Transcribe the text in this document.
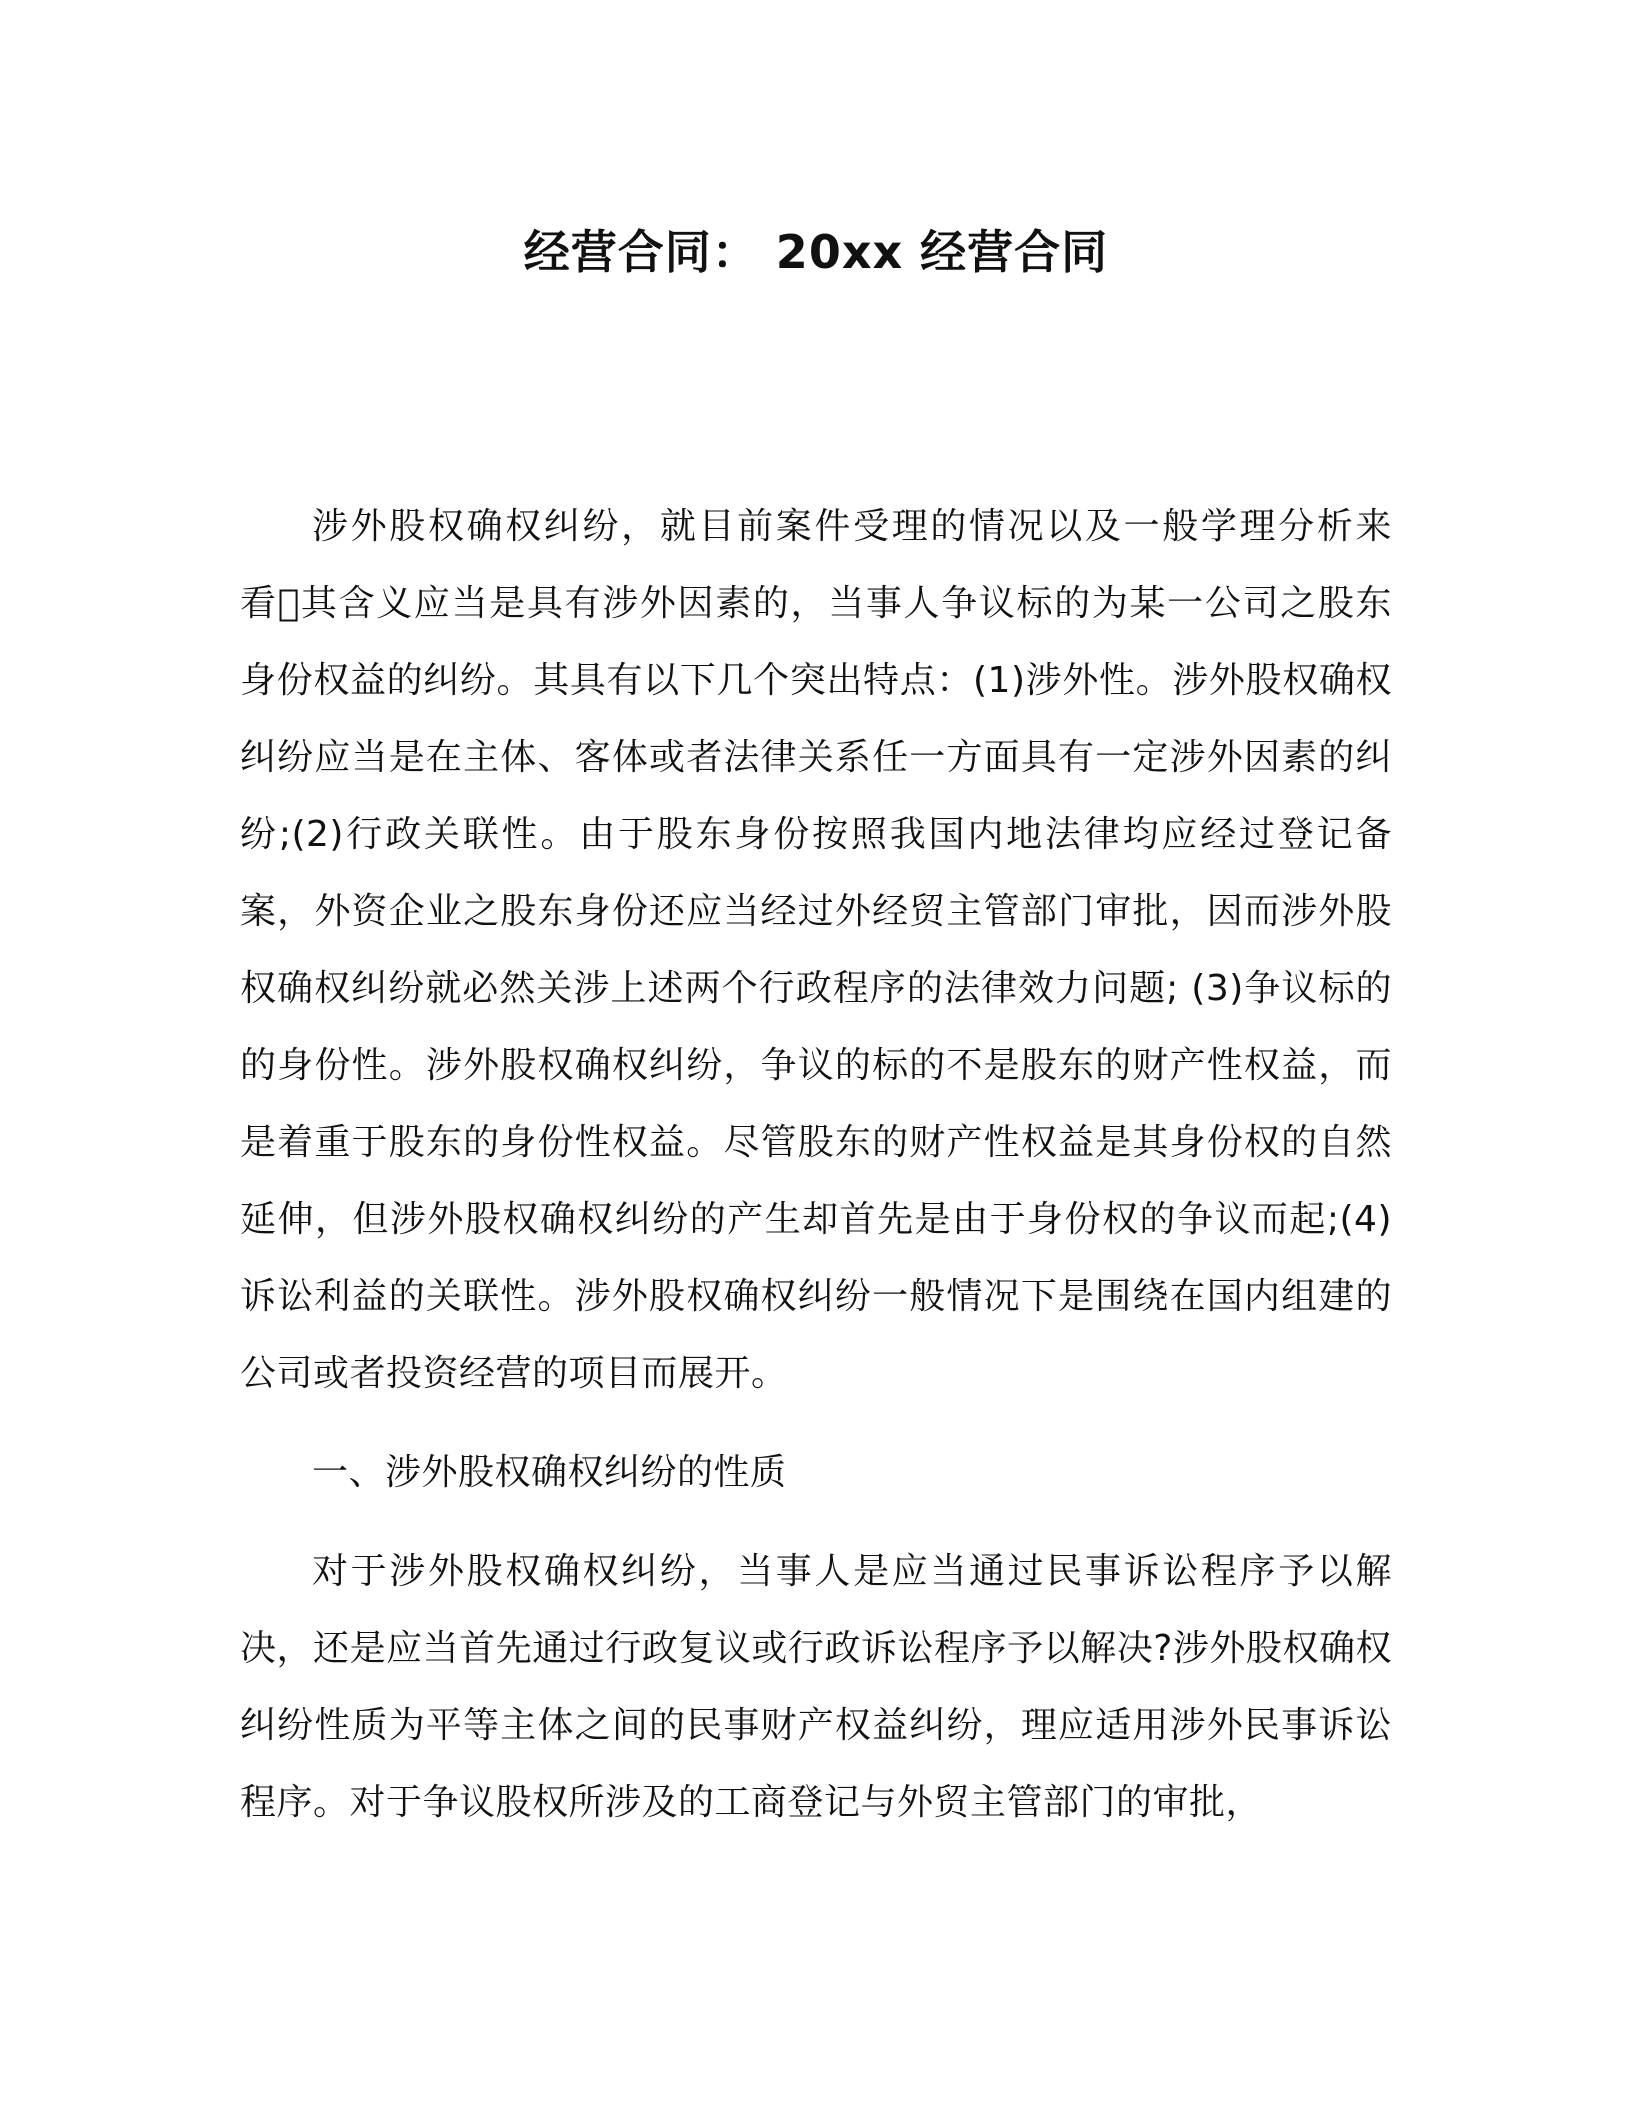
经营合同： 20xx 经营合同

涉外股权确权纠纷，就目前案件受理的情况以及一般学理分析来看 其含义应当是具有涉外因素的，当事人争议标的为某一公司之股东身份权益的纠纷。其具有以下几个突出特点：(1)涉外性。涉外股权确权纠纷应当是在主体、客体或者法律关系任一方面具有一定涉外因素的纠纷;(2)行政关联性。由于股东身份按照我国内地法律均应经过登记备案，外资企业之股东身份还应当经过外经贸主管部门审批，因而涉外股权确权纠纷就必然关涉上述两个行政程序的法律效力问题; (3)争议标的的身份性。涉外股权确权纠纷，争议的标的不是股东的财产性权益，而是着重于股东的身份性权益。尽管股东的财产性权益是其身份权的自然延伸，但涉外股权确权纠纷的产生却首先是由于身份权的争议而起;(4)诉讼利益的关联性。涉外股权确权纠纷一般情况下是围绕在国内组建的公司或者投资经营的项目而展开。

一、涉外股权确权纠纷的性质

对于涉外股权确权纠纷，当事人是应当通过民事诉讼程序予以解决，还是应当首先通过行政复议或行政诉讼程序予以解决?涉外股权确权纠纷性质为平等主体之间的民事财产权益纠纷，理应适用涉外民事诉讼程序。对于争议股权所涉及的工商登记与外贸主管部门的审批，
